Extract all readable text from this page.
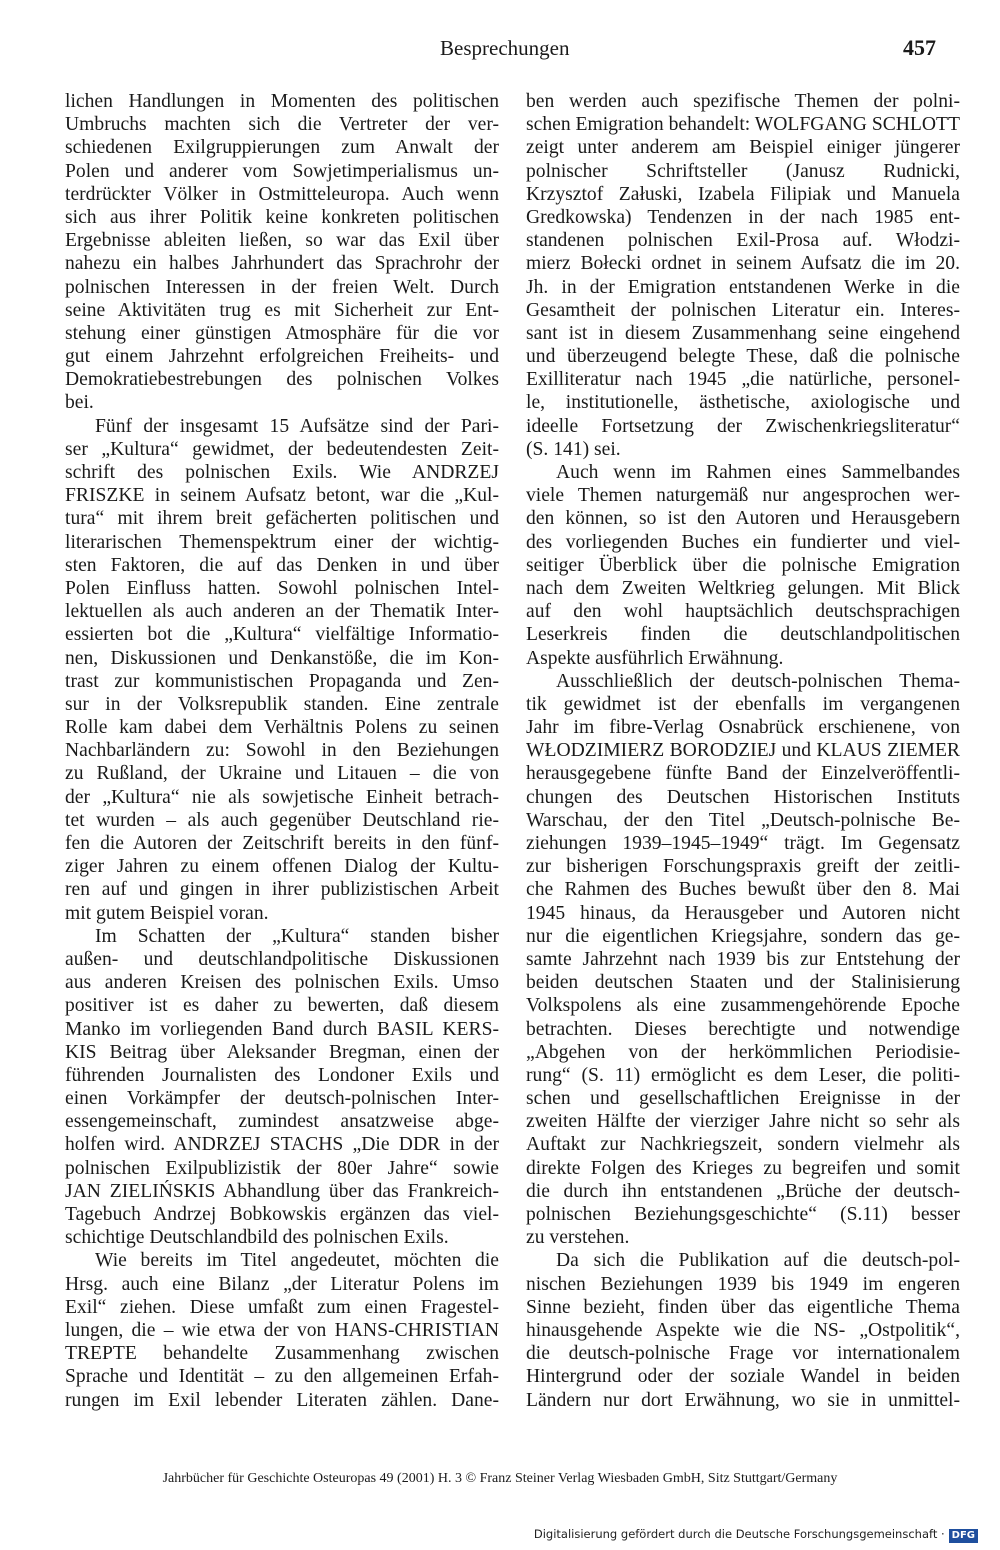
Besprechungen	457
lichen Handlungen in Momenten des politischen
Umbruchs machten sich die Vertreter der ver-
schiedenen Exilgruppierungen zum Anwalt der
Polen und anderer vom Sowjetimperialismus un-
terdrückter Völker in Ostmitteleuropa. Auch wenn
sich aus ihrer Politik keine konkreten politischen
Ergebnisse ableiten ließen, so war das Exil über
nahezu ein halbes Jahrhundert das Sprachrohr der
polnischen Interessen in der freien Welt. Durch
seine Aktivitäten trug es mit Sicherheit zur Ent-
stehung einer günstigen Atmosphäre für die vor
gut einem Jahrzehnt erfolgreichen Freiheits- und
Demokratiebestrebungen des polnischen Volkes
bei.
Fünf der insgesamt 15 Aufsätze sind der Pari-
ser „Kultura“ gewidmet, der bedeutendesten Zeit-
schrift des polnischen Exils. Wie ANDRZEJ
FRISZKE in seinem Aufsatz betont, war die „Kul-
tura“ mit ihrem breit gefächerten politischen und
literarischen Themenspektrum einer der wichtig-
sten Faktoren, die auf das Denken in und über
Polen Einfluss hatten. Sowohl polnischen Intel-
lektuellen als auch anderen an der Thematik Inter-
essierten bot die „Kultura“ vielfältige Informatio-
nen, Diskussionen und Denkanstöße, die im Kon-
trast zur kommunistischen Propaganda und Zen-
sur in der Volksrepublik standen. Eine zentrale
Rolle kam dabei dem Verhältnis Polens zu seinen
Nachbarländern zu: Sowohl in den Beziehungen
zu Rußland, der Ukraine und Litauen – die von
der „Kultura“ nie als sowjetische Einheit betrach-
tet wurden – als auch gegenüber Deutschland rie-
fen die Autoren der Zeitschrift bereits in den fünf-
ziger Jahren zu einem offenen Dialog der Kultu-
ren auf und gingen in ihrer publizistischen Arbeit
mit gutem Beispiel voran.
Im Schatten der „Kultura“ standen bisher
außen- und deutschlandpolitische Diskussionen
aus anderen Kreisen des polnischen Exils. Umso
positiver ist es daher zu bewerten, daß diesem
Manko im vorliegenden Band durch BASIL KERS-
KIS Beitrag über Aleksander Bregman, einen der
führenden Journalisten des Londoner Exils und
einen Vorkämpfer der deutsch-polnischen Inter-
essengemeinschaft, zumindest ansatzweise abge-
holfen wird. ANDRZEJ STACHS „Die DDR in der
polnischen Exilpublizistik der 80er Jahre“ sowie
JAN ZIELIŃSKIS Abhandlung über das Frankreich-
Tagebuch Andrzej Bobkowskis ergänzen das viel-
schichtige Deutschlandbild des polnischen Exils.
Wie bereits im Titel angedeutet, möchten die
Hrsg. auch eine Bilanz „der Literatur Polens im
Exil“ ziehen. Diese umfaßt zum einen Fragestel-
lungen, die – wie etwa der von HANS-CHRISTIAN
TREPTE behandelte Zusammenhang zwischen
Sprache und Identität – zu den allgemeinen Erfah-
rungen im Exil lebender Literaten zählen. Dane-
ben werden auch spezifische Themen der polni-
schen Emigration behandelt: WOLFGANG SCHLOTT
zeigt unter anderem am Beispiel einiger jüngerer
polnischer Schriftsteller (Janusz Rudnicki,
Krzysztof Załuski, Izabela Filipiak und Manuela
Gredkowska) Tendenzen in der nach 1985 ent-
standenen polnischen Exil-Prosa auf. Włodzi-
mierz Bołecki ordnet in seinem Aufsatz die im 20.
Jh. in der Emigration entstandenen Werke in die
Gesamtheit der polnischen Literatur ein. Interes-
sant ist in diesem Zusammenhang seine eingehend
und überzeugend belegte These, daß die polnische
Exilliteratur nach 1945 „die natürliche, personel-
le, institutionelle, ästhetische, axiologische und
ideelle Fortsetzung der Zwischenkriegsliteratur“
(S. 141) sei.
Auch wenn im Rahmen eines Sammelbandes
viele Themen naturgemäß nur angesprochen wer-
den können, so ist den Autoren und Herausgebern
des vorliegenden Buches ein fundierter und viel-
seitiger Überblick über die polnische Emigration
nach dem Zweiten Weltkrieg gelungen. Mit Blick
auf den wohl hauptsächlich deutschsprachigen
Leserkreis finden die deutschlandpolitischen
Aspekte ausführlich Erwähnung.
Ausschließlich der deutsch-polnischen Thema-
tik gewidmet ist der ebenfalls im vergangenen
Jahr im fibre-Verlag Osnabrück erschienene, von
WŁODZIMIERZ BORODZIEJ und KLAUS ZIEMER
herausgegebene fünfte Band der Einzelveröffentli-
chungen des Deutschen Historischen Instituts
Warschau, der den Titel „Deutsch-polnische Be-
ziehungen 1939–1945–1949“ trägt. Im Gegensatz
zur bisherigen Forschungspraxis greift der zeitli-
che Rahmen des Buches bewußt über den 8. Mai
1945 hinaus, da Herausgeber und Autoren nicht
nur die eigentlichen Kriegsjahre, sondern das ge-
samte Jahrzehnt nach 1939 bis zur Entstehung der
beiden deutschen Staaten und der Stalinisierung
Volkspolens als eine zusammengehörende Epoche
betrachten. Dieses berechtigte und notwendige
„Abgehen von der herkömmlichen Periodisie-
rung“ (S. 11) ermöglicht es dem Leser, die politi-
schen und gesellschaftlichen Ereignisse in der
zweiten Hälfte der vierziger Jahre nicht so sehr als
Auftakt zur Nachkriegszeit, sondern vielmehr als
direkte Folgen des Krieges zu begreifen und somit
die durch ihn entstandenen „Brüche der deutsch-
polnischen Beziehungsgeschichte“ (S.11) besser
zu verstehen.
Da sich die Publikation auf die deutsch-pol-
nischen Beziehungen 1939 bis 1949 im engeren
Sinne bezieht, finden über das eigentliche Thema
hinausgehende Aspekte wie die NS- „Ostpolitik“,
die deutsch-polnische Frage vor internationalem
Hintergrund oder der soziale Wandel in beiden
Ländern nur dort Erwähnung, wo sie in unmittel-
Jahrbücher für Geschichte Osteuropas 49 (2001) H. 3 © Franz Steiner Verlag Wiesbaden GmbH, Sitz Stuttgart/Germany
Digitalisierung gefördert durch die Deutsche Forschungsgemeinschaft · DFG
